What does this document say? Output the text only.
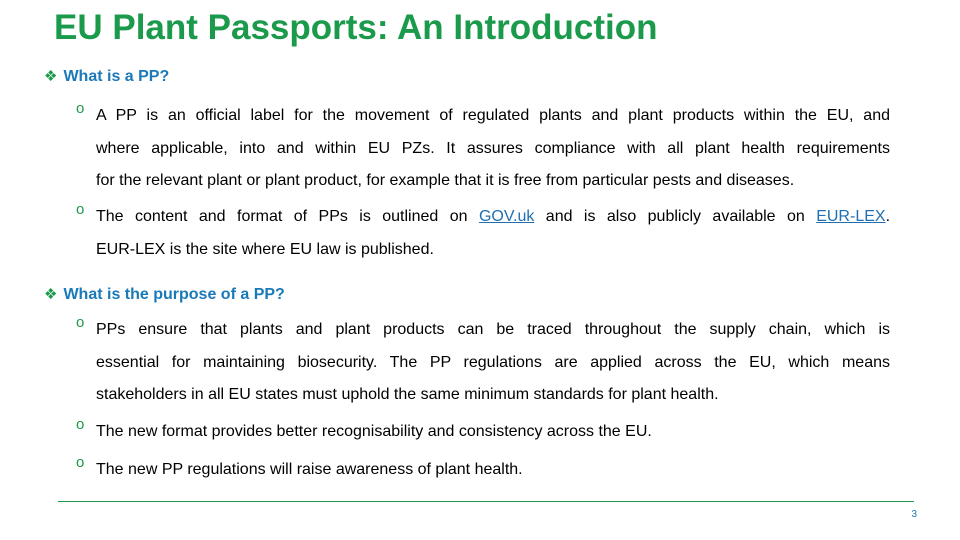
EU Plant Passports: An Introduction
❖ What is a PP?
o A PP is an official label for the movement of regulated plants and plant products within the EU, and
where applicable, into and within EU PZs. It assures compliance with all plant health requirements
for the relevant plant or plant product, for example that it is free from particular pests and diseases.
o The content and format of PPs is outlined on GOV.uk and is also publicly available on EUR-LEX.
EUR-LEX is the site where EU law is published.
❖ What is the purpose of a PP?
o PPs ensure that plants and plant products can be traced throughout the supply chain, which is
essential for maintaining biosecurity. The PP regulations are applied across the EU, which means
stakeholders in all EU states must uphold the same minimum standards for plant health.
o The new format provides better recognisability and consistency across the EU.
o The new PP regulations will raise awareness of plant health.
3
